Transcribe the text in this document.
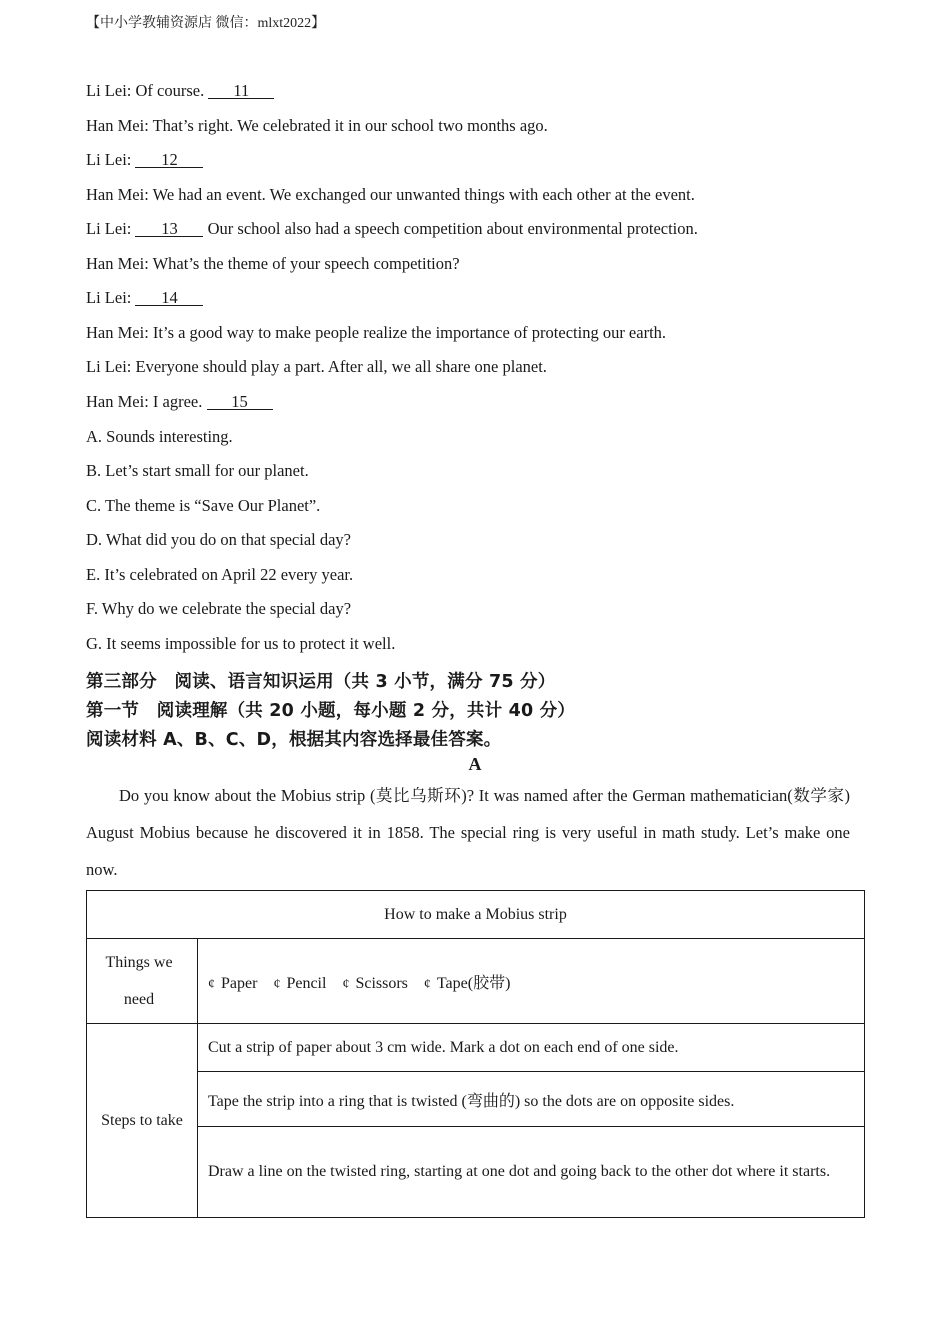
【中小学教辅资源店 微信：mlxt2022】
Li Lei: Of course. 11
Han Mei: That’s right. We celebrated it in our school two months ago.
Li Lei: 12
Han Mei: We had an event. We exchanged our unwanted things with each other at the event.
Li Lei: 13 Our school also had a speech competition about environmental protection.
Han Mei: What’s the theme of your speech competition?
Li Lei: 14
Han Mei: It’s a good way to make people realize the importance of protecting our earth.
Li Lei: Everyone should play a part. After all, we all share one planet.
Han Mei: I agree. 15
A. Sounds interesting.
B. Let’s start small for our planet.
C. The theme is “Save Our Planet”.
D. What did you do on that special day?
E. It’s celebrated on April 22 every year.
F. Why do we celebrate the special day?
G. It seems impossible for us to protect it well.
第三部分　阅读、语言知识运用（共 3 小节，满分 75 分）
第一节　阅读理解（共 20 小题，每小题 2 分，共计 40 分）
阅读材料 A、B、C、D，根据其内容选择最佳答案。
A

Do you know about the Mobius strip (莫比乌斯环)? It was named after the German mathematician(数学家) August Mobius because he discovered it in 1858. The special ring is very useful in math study. Let’s make one now.

How to make a Mobius strip	
Things we
need	¢ Paper ¢ Pencil ¢ Scissors ¢ Tape(胶带)
Steps to take	Cut a strip of paper about 3 cm wide. Mark a dot on each end of one side.
	Tape the strip into a ring that is twisted (弯曲的) so the dots are on opposite sides.
	Draw a line on the twisted ring, starting at one dot and going back to the other dot where it starts.
